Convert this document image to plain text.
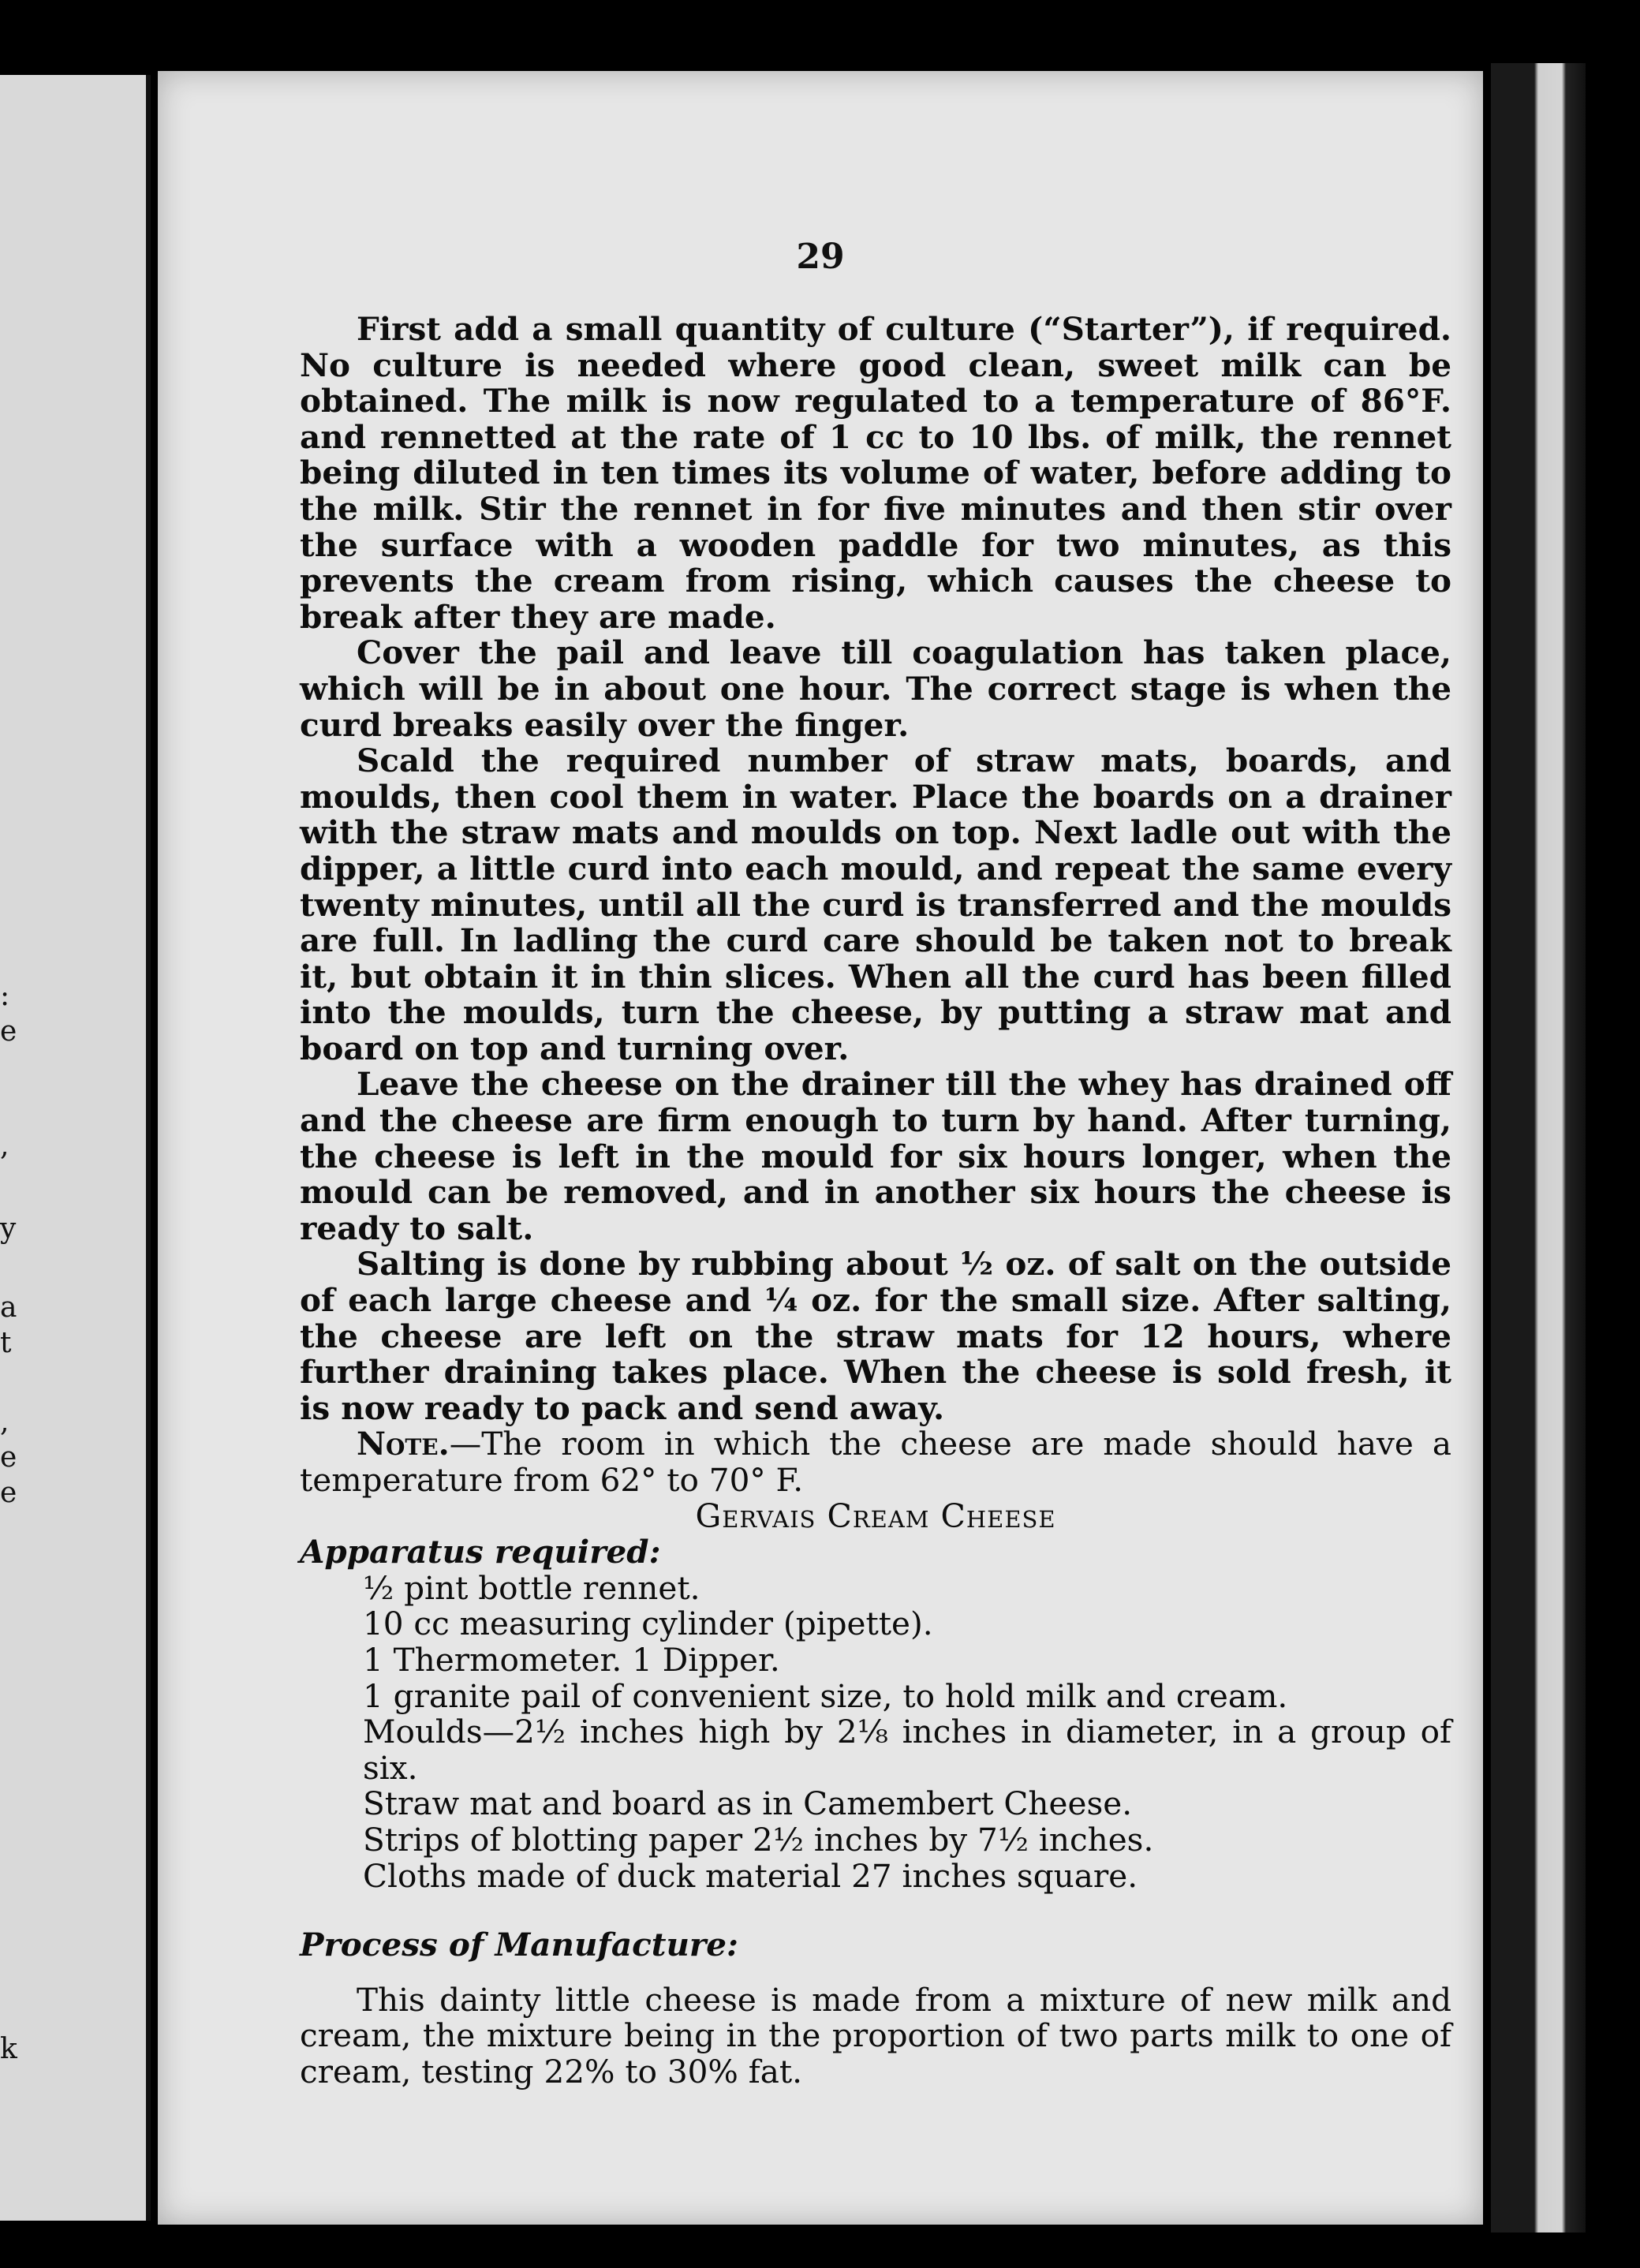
:
e
,
y
a
t
,
e
e
k
29

First add a small quantity of culture (“Starter”), if required. No culture is needed where good clean, sweet milk can be obtained. The milk is now regulated to a temperature of 86°F. and rennetted at the rate of 1 cc to 10 lbs. of milk, the rennet being diluted in ten times its volume of water, before adding to the milk. Stir the rennet in for five minutes and then stir over the surface with a wooden paddle for two minutes, as this prevents the cream from rising, which causes the cheese to break after they are made.

Cover the pail and leave till coagulation has taken place, which will be in about one hour. The correct stage is when the curd breaks easily over the finger.

Scald the required number of straw mats, boards, and moulds, then cool them in water. Place the boards on a drainer with the straw mats and moulds on top. Next ladle out with the dipper, a little curd into each mould, and repeat the same every twenty minutes, until all the curd is transferred and the moulds are full. In ladling the curd care should be taken not to break it, but obtain it in thin slices. When all the curd has been filled into the moulds, turn the cheese, by putting a straw mat and board on top and turning over.

Leave the cheese on the drainer till the whey has drained off and the cheese are firm enough to turn by hand. After turning, the cheese is left in the mould for six hours longer, when the mould can be removed, and in another six hours the cheese is ready to salt.

Salting is done by rubbing about ½ oz. of salt on the outside of each large cheese and ¼ oz. for the small size. After salting, the cheese are left on the straw mats for 12 hours, where further draining takes place. When the cheese is sold fresh, it is now ready to pack and send away.

Note.—The room in which the cheese are made should have a temperature from 62° to 70° F.

Gervais Cream Cheese

Apparatus required:

½ pint bottle rennet.
10 cc measuring cylinder (pipette).
1 Thermometer. 1 Dipper.
1 granite pail of convenient size, to hold milk and cream.
Moulds—2½ inches high by 2⅛ inches in diameter, in a group of six.
Straw mat and board as in Camembert Cheese.
Strips of blotting paper 2½ inches by 7½ inches.
Cloths made of duck material 27 inches square.

Process of Manufacture:

This dainty little cheese is made from a mixture of new milk and cream, the mixture being in the proportion of two parts milk to one of cream, testing 22% to 30% fat.
